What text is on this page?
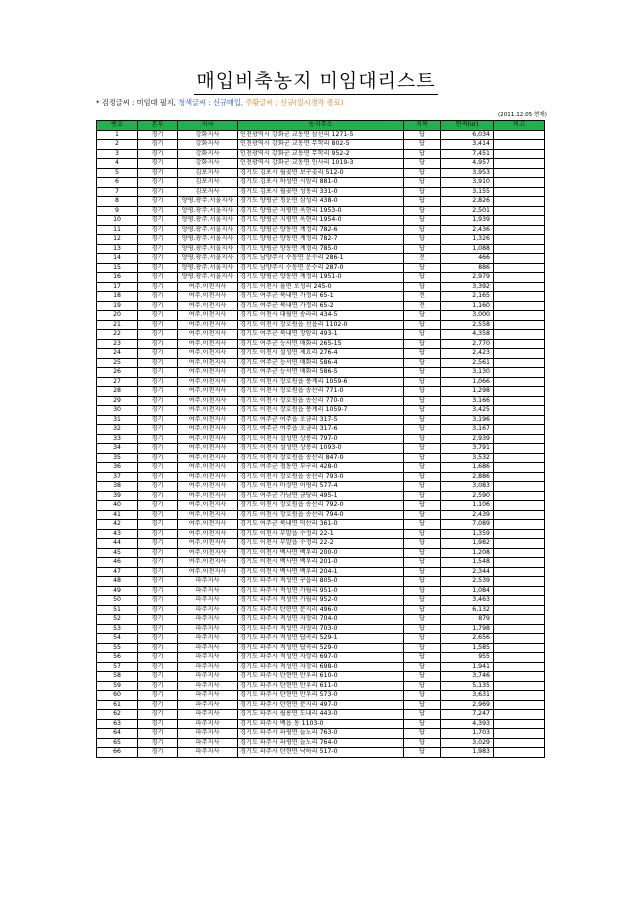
매입비축농지 미임대리스트
* 검정글씨 : 미임대 필지, 청색글씨 : 신규매입, 주황글씨 : 신규(일시경작 종료)
(2011.12.05 현재)
번호	본부	지사	농지주소	지목	면적(㎡)	비고
1	경기	강화지사	인천광역시 강화군 교동면 삼선리 1271-5	답	6,034	
2	경기	강화지사	인천광역시 강화군 교동면 무학리 802-5	답	3,414	
3	경기	강화지사	인천광역시 강화군 교동면 무학리 952-2	답	7,451	
4	경기	강화지사	인천광역시 강화군 교동면 인사리 1019-3	답	4,957	
5	경기	김포지사	경기도 김포시 월곶면 보구곶리 512-0	답	3,953	
6	경기	김포지사	경기도 김포시 하성면 시암리 881-0	답	3,910	
7	경기	김포지사	경기도 김포시 월곶면 성동리 331-0	답	3,155	
8	경기	양평.광주.서울지사	경기도 양평군 청운면 삼성리 438-0	답	2,826	
9	경기	양평.광주.서울지사	경기도 양평군 지평면 옥현리 1953-0	답	2,501	
10	경기	양평.광주.서울지사	경기도 양평군 지평면 옥현리 1954-0	답	1,939	
11	경기	양평.광주.서울지사	경기도 양평군 양동면 계정리 782-6	답	2,436	
12	경기	양평.광주.서울지사	경기도 양평군 양동면 계정리 782-7	답	1,326	
13	경기	양평.광주.서울지사	경기도 양평군 양동면 계정리 785-0	답	1,088	
14	경기	양평.광주.서울지사	경기도 남양주시 수동면 운수리 286-1	전	466	
15	경기	양평.광주.서울지사	경기도 남양주시 수동면 운수리 287-0	답	886	
16	경기	양평.광주.서울지사	경기도 양평군 양동면 계정리 1951-0	답	2,979	
17	경기	여주.이천지사	경기도 이천시 율면 오성리 245-0	답	3,392	
18	경기	여주.이천지사	경기도 여주군 북내면 가정리 65-1	전	2,165	
19	경기	여주.이천지사	경기도 여주군 북내면 가정리 65-2	전	1,160	
20	경기	여주.이천지사	경기도 이천시 대월면 송라리 434-5	답	3,000	
21	경기	여주.이천지사	경기도 이천시 장호원읍 선읍리 1102-0	답	2,558	
22	경기	여주.이천지사	경기도 여주군 북내면 장암리 493-1	답	4,358	
23	경기	여주.이천지사	경기도 여주군 능서면 매화리 265-15	답	2,770	
24	경기	여주.이천지사	경기도 이천시 설성면 제요리 276-4	답	2,423	
25	경기	여주.이천지사	경기도 여주군 능서면 매화리 586-4	답	2,561	
26	경기	여주.이천지사	경기도 여주군 능서면 매화리 586-5	답	3,130	
27	경기	여주.이천지사	경기도 이천시 장호원읍 풍계리 1059-6	답	1,066	
28	경기	여주.이천지사	경기도 이천시 장호원읍 송산리 771-0	답	1,298	
29	경기	여주.이천지사	경기도 이천시 장호원읍 송산리 770-0	답	3,166	
30	경기	여주.이천지사	경기도 이천시 장호원읍 풍계리 1059-7	답	3,425	
31	경기	여주.이천지사	경기도 여주군 여주읍 오금리 317-5	답	3,196	
32	경기	여주.이천지사	경기도 여주군 여주읍 오금리 317-6	답	3,167	
33	경기	여주.이천지사	경기도 이천시 설성면 상봉리 797-0	답	2,939	
34	경기	여주.이천지사	경기도 이천시 설성면 상봉리 1093-0	답	3,791	
35	경기	여주.이천지사	경기도 이천시 장호원읍 송산리 847-0	답	3,532	
36	경기	여주.이천지사	경기도 여주군 점동면 부구리 428-0	답	1,686	
37	경기	여주.이천지사	경기도 이천시 장호원읍 송산리 793-0	답	2,886	
38	경기	여주.이천지사	경기도 이천시 마장면 이평리 577-4	답	3,083	
39	경기	여주.이천지사	경기도 여주군 가남면 금당리 495-1	답	2,590	
40	경기	여주.이천지사	경기도 이천시 장호원읍 송산리 792-0	답	1,106	
41	경기	여주.이천지사	경기도 이천시 장호원읍 송산리 794-0	답	2,439	
42	경기	여주.이천지사	경기도 여주군 북내면 덕산리 361-0	답	7,089	
43	경기	여주.이천지사	경기도 이천시 부발읍 수정리 22-1	답	1,359	
44	경기	여주.이천지사	경기도 이천시 부발읍 수정리 22-2	답	1,982	
45	경기	여주.이천지사	경기도 이천시 백사면 백우리 200-0	답	1,208	
46	경기	여주.이천지사	경기도 이천시 백사면 백우리 201-0	답	1,548	
47	경기	여주.이천지사	경기도 이천시 백사면 백우리 204-1	답	2,344	
48	경기	파주지사	경기도 파주시 적성면 구읍리 805-0	답	2,539	
49	경기	파주지사	경기도 파주시 적성면 가월리 951-0	답	1,084	
50	경기	파주지사	경기도 파주시 적성면 가월리 952-0	답	3,463	
51	경기	파주지사	경기도 파주시 탄현면 문지리 496-0	답	6,132	
52	경기	파주지사	경기도 파주시 적성면 자장리 704-0	답	879	
53	경기	파주지사	경기도 파주시 적성면 자장리 703-0	답	1,798	
54	경기	파주지사	경기도 파주시 적성면 답곡리 529-1	답	2,656	
55	경기	파주지사	경기도 파주시 적성면 답곡리 529-0	답	1,585	
56	경기	파주지사	경기도 파주시 적성면 자장리 697-0	답	955	
57	경기	파주지사	경기도 파주시 적성면 자장리 698-0	답	1,941	
58	경기	파주지사	경기도 파주시 탄현면 만우리 610-0	답	3,746	
59	경기	파주지사	경기도 파주시 탄현면 만우리 611-0	답	5,135	
60	경기	파주지사	경기도 파주시 탄현면 만우리 573-0	답	3,631	
61	경기	파주지사	경기도 파주시 탄현면 문지리 497-0	답	2,969	
62	경기	파주지사	경기도 파주시 월롱면 도내리 443-0	답	7,247	
63	경기	파주지사	경기도 파주시 백읍 동 1103-0	답	4,393	
64	경기	파주지사	경기도 파주시 파평면 늘노리 763-0	답	1,703	
65	경기	파주지사	경기도 파주시 파평면 늘노리 764-0	답	3,029	
66	경기	파주지사	경기도 파주시 탄현면 낙하리 517-0	답	1,983	
